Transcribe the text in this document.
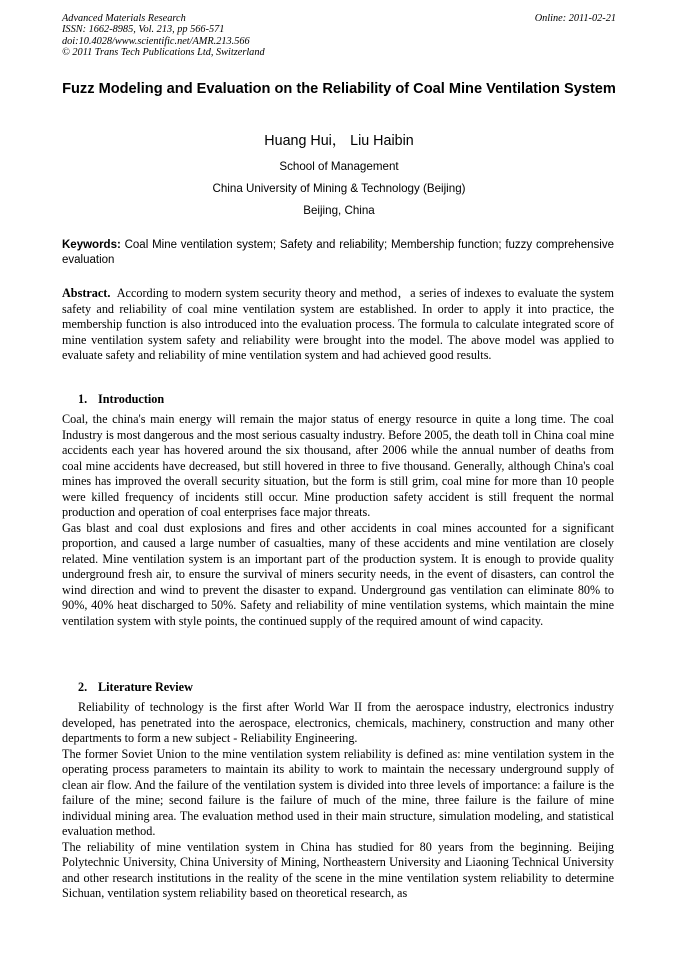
Advanced Materials Research
ISSN: 1662-8985, Vol. 213, pp 566-571
doi:10.4028/www.scientific.net/AMR.213.566
© 2011 Trans Tech Publications Ltd, Switzerland
Online: 2011-02-21
Fuzz Modeling and Evaluation on the Reliability of Coal Mine Ventilation System
Huang Hui， Liu Haibin
School of Management
China University of Mining & Technology (Beijing)
Beijing, China
Keywords: Coal Mine ventilation system; Safety and reliability; Membership function; fuzzy comprehensive evaluation

Abstract. According to modern system security theory and method，a series of indexes to evaluate the system safety and reliability of coal mine ventilation system are established. In order to apply it into practice, the membership function is also introduced into the evaluation process. The formula to calculate integrated score of mine ventilation system safety and reliability were brought into the model. The above model was applied to evaluate safety and reliability of mine ventilation system and had achieved good results.

1. Introduction

Coal, the china's main energy will remain the major status of energy resource in quite a long time. The coal Industry is most dangerous and the most serious casualty industry. Before 2005, the death toll in China coal mine accidents each year has hovered around the six thousand, after 2006 while the annual number of deaths from coal mine accidents have decreased, but still hovered in three to five thousand. Generally, although China's coal mines has improved the overall security situation, but the form is still grim, coal mine for more than 10 people were killed frequency of incidents still occur. Mine production safety accident is still frequent the normal production and operation of coal enterprises face major threats.

Gas blast and coal dust explosions and fires and other accidents in coal mines accounted for a significant proportion, and caused a large number of casualties, many of these accidents and mine ventilation are closely related. Mine ventilation system is an important part of the production system. It is enough to provide quality underground fresh air, to ensure the survival of miners security needs, in the event of disasters, can control the wind direction and wind to prevent the disaster to expand. Underground gas ventilation can eliminate 80% to 90%, 40% heat discharged to 50%. Safety and reliability of mine ventilation systems, which maintain the mine ventilation system with style points, the continued supply of the required amount of wind capacity.

2. Literature Review

Reliability of technology is the first after World War II from the aerospace industry, electronics industry developed, has penetrated into the aerospace, electronics, chemicals, machinery, construction and many other departments to form a new subject - Reliability Engineering.

The former Soviet Union to the mine ventilation system reliability is defined as: mine ventilation system in the operating process parameters to maintain its ability to work to maintain the necessary underground supply of clean air flow. And the failure of the ventilation system is divided into three levels of importance: a failure is the failure of the mine; second failure is the failure of much of the mine, three failure is the failure of mine individual mining area. The evaluation method used in their main structure, simulation modeling, and statistical evaluation method.

The reliability of mine ventilation system in China has studied for 80 years from the beginning. Beijing Polytechnic University, China University of Mining, Northeastern University and Liaoning Technical University and other research institutions in the reality of the scene in the mine ventilation system reliability to determine Sichuan, ventilation system reliability based on theoretical research, as
